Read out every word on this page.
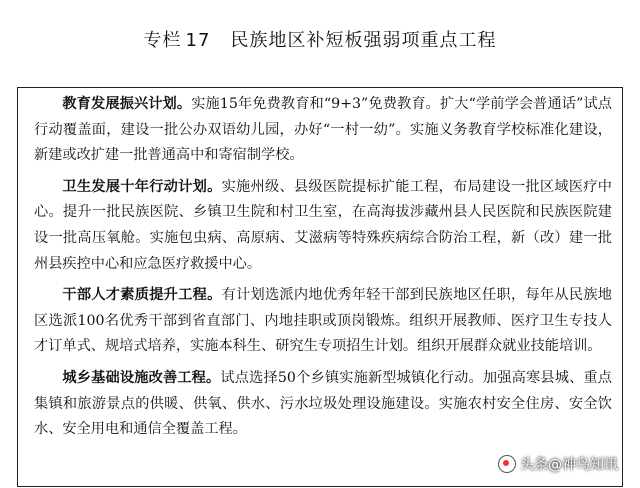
专栏 17 民族地区补短板强弱项重点工程

教育发展振兴计划。实施15年免费教育和“9+3”免费教育。扩大“学前学会普通话”试点行动覆盖面，建设一批公办双语幼儿园，办好“一村一幼”。实施义务教育学校标准化建设，新建或改扩建一批普通高中和寄宿制学校。

卫生发展十年行动计划。实施州级、县级医院提标扩能工程，布局建设一批区域医疗中心。提升一批民族医院、乡镇卫生院和村卫生室，在高海拔涉藏州县人民医院和民族医院建设一批高压氧舱。实施包虫病、高原病、艾滋病等特殊疾病综合防治工程，新（改）建一批州县疾控中心和应急医疗救援中心。

干部人才素质提升工程。有计划选派内地优秀年轻干部到民族地区任职，每年从民族地区选派100名优秀干部到省直部门、内地挂职或顶岗锻炼。组织开展教师、医疗卫生专技人才订单式、规培式培养，实施本科生、研究生专项招生计划。组织开展群众就业技能培训。

城乡基础设施改善工程。试点选择50个乡镇实施新型城镇化行动。加强高寒县城、重点集镇和旅游景点的供暖、供氧、供水、污水垃圾处理设施建设。实施农村安全住房、安全饮水、安全用电和通信全覆盖工程。

头条@神鸟知讯
